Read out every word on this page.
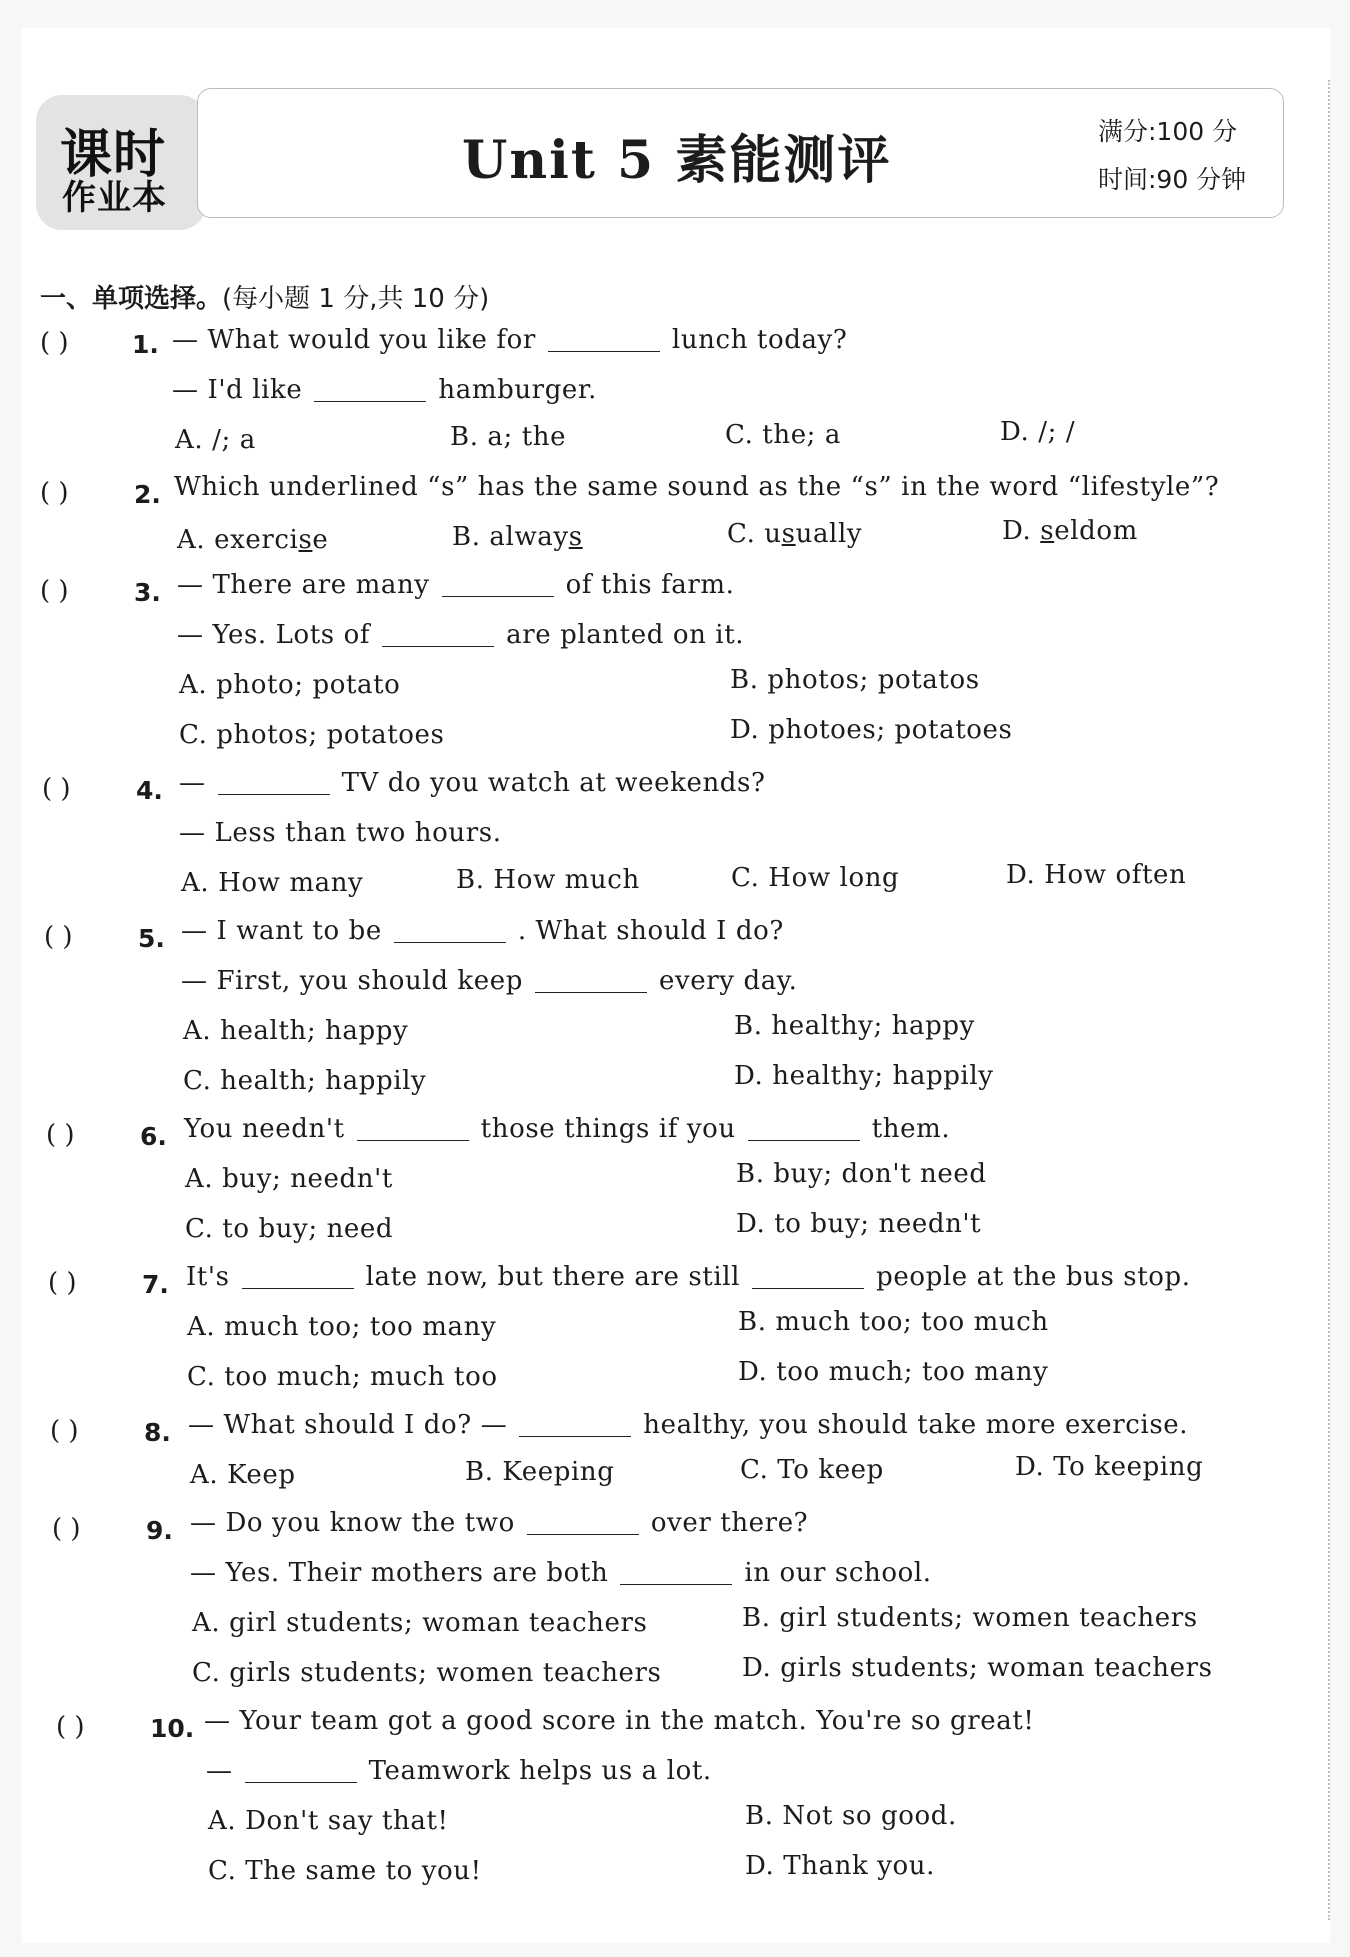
课时
作业本
Unit 5 素能测评	满分:100 分
时间:90 分钟
一、单项选择。(每小题 1 分,共 10 分)
( )	1. — What would you like for	lunch today?
— I'd like	hamburger.
A. /; a	B. a; the	C. the; a	D. /; /
( )	2. Which underlined “s” has the same sound as the “s” in the word “lifestyle”?
A. exercise	B. always	C. usually	D. seldom
( )	3. — There are many	of this farm.
— Yes. Lots of	are planted on it.
A. photo; potato	B. photos; potatos
C. photos; potatoes	D. photoes; potatoes
( )	4. —	TV do you watch at weekends?
— Less than two hours.
A. How many	B. How much	C. How long	D. How often
( )	5. — I want to be	. What should I do?
— First, you should keep	every day.
A. health; happy	B. healthy; happy
C. health; happily	D. healthy; happily
( )	6. You needn't	those things if you	them.
A. buy; needn't	B. buy; don't need
C. to buy; need	D. to buy; needn't
( )	7. It's	late now, but there are still	people at the bus stop.
A. much too; too many	B. much too; too much
C. too much; much too	D. too much; too many
( )	8. — What should I do? —	healthy, you should take more exercise.
A. Keep	B. Keeping	C. To keep	D. To keeping
( )	9. — Do you know the two	over there?
— Yes. Their mothers are both	in our school.
A. girl students; woman teachers	B. girl students; women teachers
C. girls students; women teachers	D. girls students; woman teachers
( )	10. — Your team got a good score in the match. You're so great!
—	Teamwork helps us a lot.
A. Don't say that!	B. Not so good.
C. The same to you!	D. Thank you.
